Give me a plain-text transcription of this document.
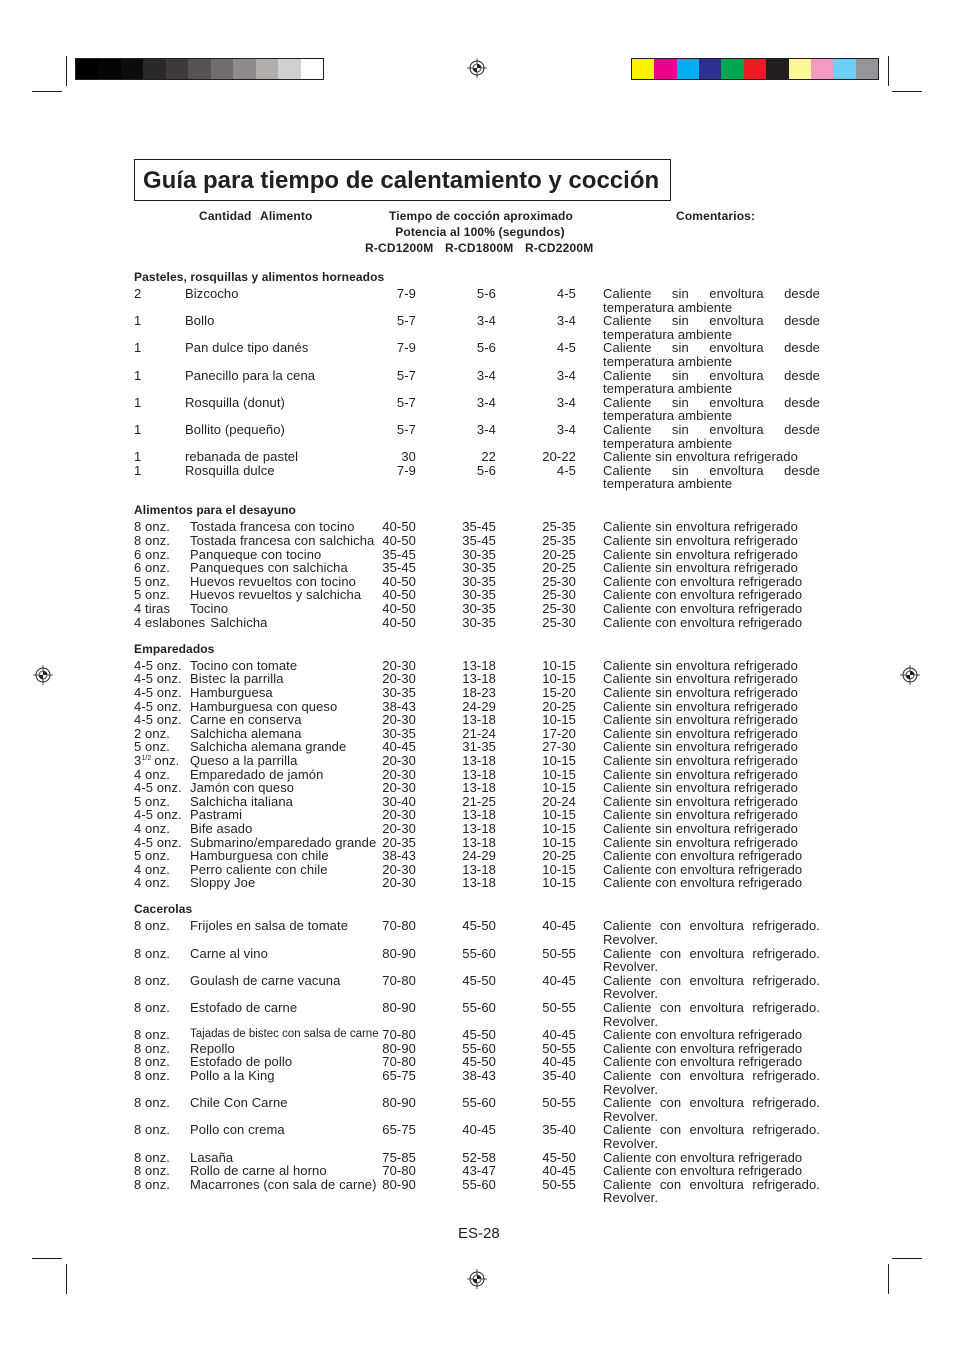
Guía para tiempo de calentamiento y cocción
Cantidad Alimento	Tiempo de cocción aproximado	Comentarios:
Potencia al 100% (segundos)
R-CD1200M R-CD1800M R-CD2200M
Pasteles, rosquillas y alimentos horneados
2	Bizcocho	7-9	5-6	4-5 Caliente sin envoltura desde temperatura ambiente
1	Bollo	5-7	3-4	3-4 Caliente sin envoltura desde temperatura ambiente
1	Pan dulce tipo danés	7-9	5-6	4-5 Caliente sin envoltura desde temperatura ambiente
1	Panecillo para la cena	5-7	3-4	3-4 Caliente sin envoltura desde temperatura ambiente
1	Rosquilla (donut)	5-7	3-4	3-4 Caliente sin envoltura desde temperatura ambiente
1	Bollito (pequeño)	5-7	3-4	3-4 Caliente sin envoltura desde temperatura ambiente
1	rebanada de pastel	30	22	20-22 Caliente sin envoltura refrigerado
1	Rosquilla dulce	7-9	5-6	4-5 Caliente sin envoltura desde temperatura ambiente
Alimentos para el desayuno
8 onz.	Tostada francesa con tocino 40-50	35-45	25-35 Caliente sin envoltura refrigerado
8 onz.	Tostada francesa con salchicha 40-50	35-45	25-35 Caliente sin envoltura refrigerado
6 onz.	Panqueque con tocino	35-45	30-35	20-25 Caliente sin envoltura refrigerado
6 onz.	Panqueques con salchicha	35-45	30-35	20-25 Caliente sin envoltura refrigerado
5 onz.	Huevos revueltos con tocino 40-50	30-35	25-30 Caliente con envoltura refrigerado
5 onz.	Huevos revueltos y salchicha 40-50	30-35	25-30 Caliente con envoltura refrigerado
4 tiras	Tocino	40-50	30-35	25-30 Caliente con envoltura refrigerado
4 eslabones Salchicha	40-50	30-35	25-30 Caliente con envoltura refrigerado
Emparedados
4-5 onz. Tocino con tomate	20-30	13-18	10-15 Caliente sin envoltura refrigerado
4-5 onz. Bistec la parrilla	20-30	13-18	10-15 Caliente sin envoltura refrigerado
4-5 onz. Hamburguesa	30-35	18-23	15-20 Caliente sin envoltura refrigerado
4-5 onz. Hamburguesa con queso	38-43	24-29	20-25 Caliente sin envoltura refrigerado
4-5 onz. Carne en conserva	20-30	13-18	10-15 Caliente sin envoltura refrigerado
2 onz.	Salchicha alemana	30-35	21-24	17-20 Caliente sin envoltura refrigerado
5 onz.	Salchicha alemana grande	40-45	31-35	27-30 Caliente sin envoltura refrigerado
$3^{1/2}$ onz. Queso a la parrilla	20-30	13-18	10-15 Caliente sin envoltura refrigerado
4 onz.	Emparedado de jamón	20-30	13-18	10-15 Caliente sin envoltura refrigerado
4-5 onz. Jamón con queso	20-30	13-18	10-15 Caliente sin envoltura refrigerado
5 onz.	Salchicha italiana	30-40	21-25	20-24 Caliente sin envoltura refrigerado
4-5 onz. Pastrami	20-30	13-18	10-15 Caliente sin envoltura refrigerado
4 onz.	Bife asado	20-30	13-18	10-15 Caliente sin envoltura refrigerado
4-5 onz. Submarino/emparedado grande 20-35	13-18	10-15 Caliente sin envoltura refrigerado
5 onz.	Hamburguesa con chile	38-43	24-29	20-25 Caliente con envoltura refrigerado
4 onz.	Perro caliente con chile	20-30	13-18	10-15 Caliente con envoltura refrigerado
4 onz.	Sloppy Joe	20-30	13-18	10-15 Caliente con envoltura refrigerado
Cacerolas
8 onz.	Frijoles en salsa de tomate	70-80	45-50	40-45 Caliente con envoltura refrigerado. Revolver.
8 onz.	Carne al vino	80-90	55-60	50-55 Caliente con envoltura refrigerado. Revolver.
8 onz.	Goulash de carne vacuna	70-80	45-50	40-45 Caliente con envoltura refrigerado. Revolver.
8 onz.	Estofado de carne	80-90	55-60	50-55 Caliente con envoltura refrigerado. Revolver.
8 onz.	Tajadas de bistec con salsa de carne 70-80	45-50	40-45 Caliente con envoltura refrigerado
8 onz.	Repollo	80-90	55-60	50-55 Caliente con envoltura refrigerado
8 onz.	Estofado de pollo	70-80	45-50	40-45 Caliente con envoltura refrigerado
8 onz.	Pollo a la King	65-75	38-43	35-40 Caliente con envoltura refrigerado. Revolver.
8 onz.	Chile Con Carne	80-90	55-60	50-55 Caliente con envoltura refrigerado. Revolver.
8 onz.	Pollo con crema	65-75	40-45	35-40 Caliente con envoltura refrigerado. Revolver.
8 onz.	Lasaña	75-85	52-58	45-50 Caliente con envoltura refrigerado
8 onz.	Rollo de carne al horno	70-80	43-47	40-45 Caliente con envoltura refrigerado
8 onz.	Macarrones (con sala de carne) 80-90	55-60	50-55 Caliente con envoltura refrigerado. Revolver.
ES-28
